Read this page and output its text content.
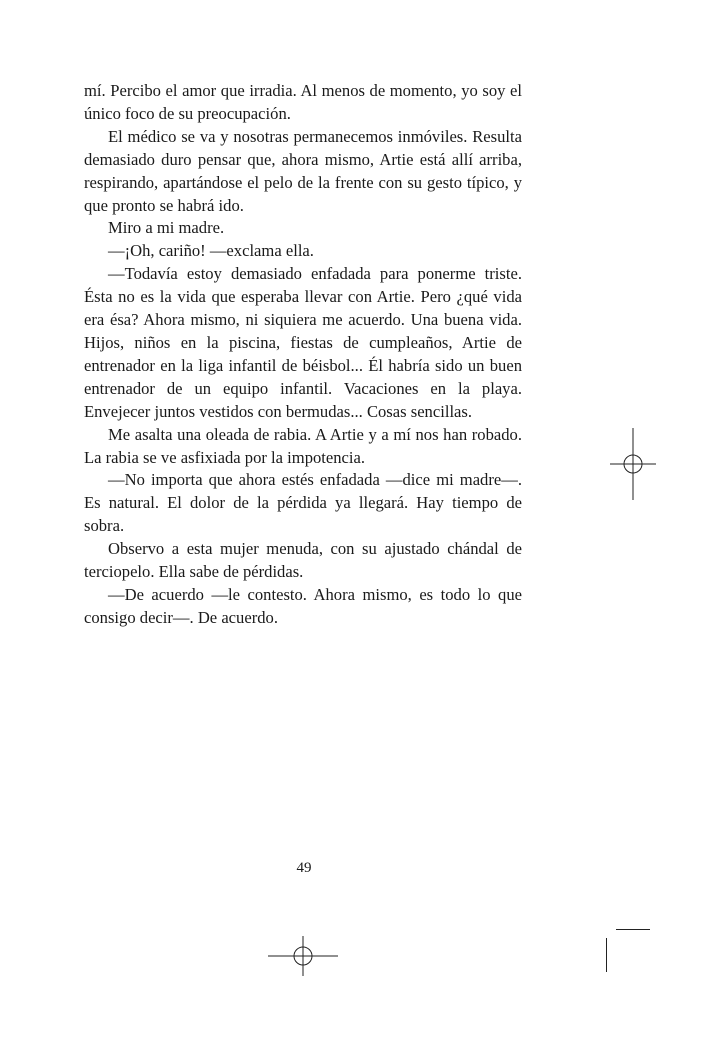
mí. Percibo el amor que irradia. Al menos de momento, yo soy el único foco de su preocupación.

El médico se va y nosotras permanecemos inmóviles. Resulta demasiado duro pensar que, ahora mismo, Artie está allí arriba, respirando, apartándose el pelo de la frente con su gesto típico, y que pronto se habrá ido.

Miro a mi madre.

—¡Oh, cariño! —exclama ella.

—Todavía estoy demasiado enfadada para ponerme triste. Ésta no es la vida que esperaba llevar con Artie. Pero ¿qué vida era ésa? Ahora mismo, ni siquiera me acuerdo. Una buena vida. Hijos, niños en la piscina, fiestas de cumpleaños, Artie de entrenador en la liga infantil de béisbol... Él habría sido un buen entrenador de un equipo infantil. Vacaciones en la playa. Envejecer juntos vestidos con bermudas... Cosas sencillas.

Me asalta una oleada de rabia. A Artie y a mí nos han robado. La rabia se ve asfixiada por la impotencia.

—No importa que ahora estés enfadada —dice mi madre—. Es natural. El dolor de la pérdida ya llegará. Hay tiempo de sobra.

Observo a esta mujer menuda, con su ajustado chándal de terciopelo. Ella sabe de pérdidas.

—De acuerdo —le contesto. Ahora mismo, es todo lo que consigo decir—. De acuerdo.

49
